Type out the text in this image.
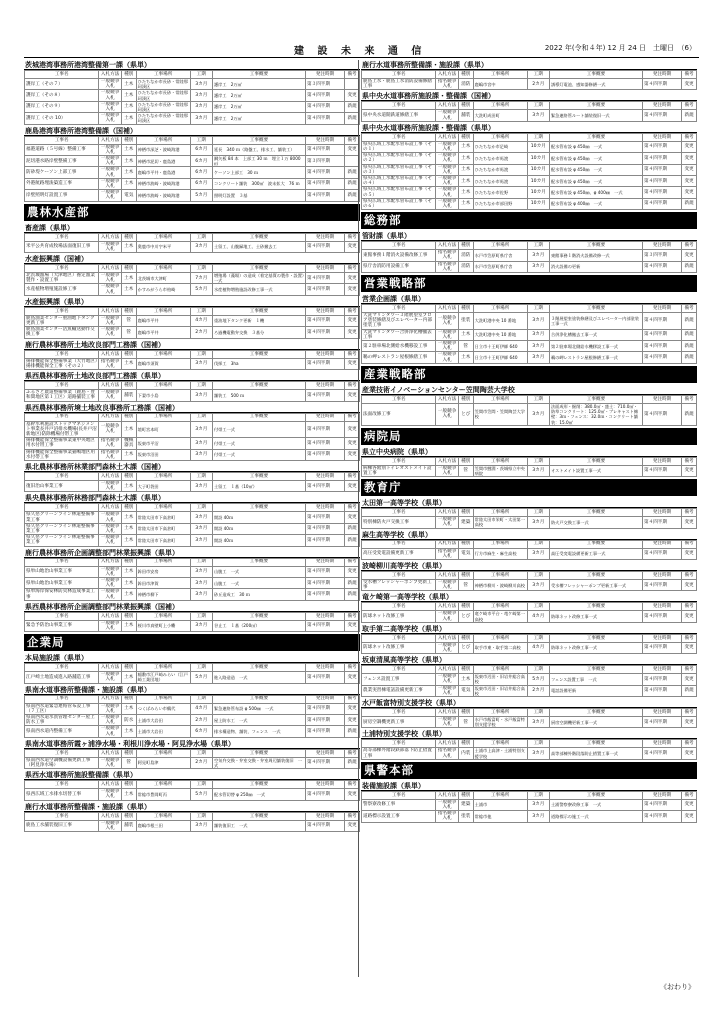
建 設 未 来 通 信	2022 年(令和４年) 12 月 24 日　土曜日　（6）
茨城港湾事務所港湾整備第一課（県単）
工事名	入札方法	種別	工事場所	工期	工事概要	発注時期	備考
護岸工（その７）	一般競争入札	土木	ひたちなか市長砂・常陸那珂湊区	3カ月	護岸工　2万㎡	第３四半期	
護岸工（その８）	一般競争入札	土木	ひたちなか市長砂・常陸那珂湊区	3カ月	護岸工　2万㎡	第４四半期	変更
護岸工（その９）	一般競争入札	土木	ひたちなか市長砂・常陸那珂湊区	3カ月	護岸工　2万㎡	第４四半期	新規
護岸工（その 10）	一般競争入札	土木	ひたちなか市長砂・常陸那珂湊区	3カ月	護岸工　2万㎡	第４四半期	新規
鹿島港湾事務所港湾整備課（国補）
工事名	入札方法	種別	工事場所	工期	工事概要	発注時期	備考
福港道路（５号線）整備工事	一般競争入札	土木	神栖市深芝・波崎海港	6カ月	延長　340 ｍ（路盤工、排水工、舗装工）	第４四半期	変更
泥切港水路岸壁整備工事	一般競争入札	土木	神栖市泥切・鹿島港	6カ月	鋼矢板 84 本　上部工 30 ｍ　埋立１万 8000㎥	第３四半期	
防砂堤ケーソン上部工事	一般競争入札	土木	鹿嶋市平井・鹿島港	6カ月	ケーソン上部工　30 ｍ	第４四半期	新規
外港航路埋浚築造工事	一般競争入札	土木	神栖市波崎・波崎海港	6カ月	コンクリート舗装　300㎡　波末拡大　76 ｍ	第４四半期	新規
岸壁照明灯設置工事	一般競争入札	電気	神栖市波崎・波崎海港	5カ月	照明灯設置　３基	第４四半期	新規
農林水産部
畜産課（県単）
工事名	入札方法	種別	工事場所	工期	工事概要	発注時期	備考
米平公共育成牧場法面復旧工事	一般競争入札	土木	奥鹿市中川字米平	3カ月	土留工、山腹緑地工、土砂撤去工	第４四半期	変更
水産振興課（国補）
工事名	入札方法	種別	工事場所	工期	工事概要	発注時期	備考
北茨城漁場（大津地区）養定漁業製作・設置工事	一般競争入札	土木	北茨城市大津町	7カ月	増殖場（藻場）の造成（着定基質の製作・設置）一式	第４四半期	変更
水産植物増殖施設修工事	一般競争入札	土木	かすみがうら市柏崎	5カ月	水産植物増殖施設改修工事一式	第４四半期	変更
水産振興課（県単）
工事名	入札方法	種別	工事場所	工期	工事概要	発注時期	備考
鹿島漁業センター重油地下タンク更新工事	一般競争入札	管	鹿嶋市平井	4カ月	重油地下タンク更新　１機	第４四半期	変更
鹿島漁業センター活魚輸送動作交換工事	一般競争入札	管	鹿嶋市平井	2カ月	ろ過機電動弁交換　３基分	第４四半期	変更
鹿行農林事務所土地改良部門工務課（国補）
工事名	入札方法	種別	工事場所	工期	工事概要	発注時期	備考
揚排機能保全整備事業（大竹地区）揚排機能保全工事（その２）	指名競争入札	土木	鹿嶋市須賀	3カ月	伐採工　3ha	第４四半期	変更
県西農林事務所土地改良部門工務課（県単）
工事名	入札方法	種別	工事場所	工期	工事概要	発注時期	備考
ふるさと農道整備事業（鹿島・豊和間地区第１工区）道路舗装工事	一般競争入札	舗装	下妻市小島	3カ月	舗装工　500 ｍ	第４四半期	変更
県西農林事務所境土地改良事務所工務課（国補）
工事名	入札方法	種別	工事場所	工期	工事概要	発注時期	備考
基幹水利施設ストックマネジメント事業長井戸沼排水機場(長井戸沼新地区)防除機場付帯工事	一般競争入札	土木	境町宮本町	3カ月	付帯工一式	第４四半期	変更
揚排機能保全整備事業東中央地区用水付帯工事	指名競争入札	機械器具	坂東市平沼	3カ月	付帯工一式	第４四半期	変更
揚排機能保全整備事業猫嶋地区用水付帯工事	指名競争入札	土木	坂東市沼田	3カ月	付帯工一式	第４四半期	変更
県北農林事務所林業部門森林土木課（国補）
工事名	入札方法	種別	工事場所	工期	工事概要	発注時期	備考
復旧治山事業工事	一般競争入札	土木	大子町袋田	3カ月	土留工　１基（10㎥）	第４四半期	変更
県央農林事務所林務部門森林土木課（県単）
工事名	入札方法	種別	工事場所	工期	工事概要	発注時期	備考
県久慈グリーンライン林道整備事業工事	一般競争入札	土木	常陸太田市下高倉町	3カ月	開設 40ｍ	第４四半期	変更
県久慈グリーンライン林道整備事業工事	一般競争入札	土木	常陸太田市下高倉町	3カ月	開設 40ｍ	第４四半期	新規
県久慈グリーンライン林道整備事業工事	一般競争入札	土木	常陸太田市下高倉町	3カ月	開設 40ｍ	第４四半期	新規
鹿行農林事務所企画調整部門林業振興課（県単）
工事名	入札方法	種別	工事場所	工期	工事概要	発注時期	備考
県単山地治山事業工事	一般競争入札	土木	鉾田市安房	3カ月	山腹工　一式	第４四半期	変更
県単山地治山事業工事	一般競争入札	土木	鉾田市津賀	3カ月	山腹工　一式	第４四半期	新規
県単海岸保安林防災林造成事業工事	一般競争入札	土木	神栖市柳下	3カ月	砂丘造成工　30 ｍ	第４四半期	新規
県西農林事務所企画調整部門林業振興課（国補）
工事名	入札方法	種別	工事場所	工期	工事概要	発注時期	備考
緊急予防治山事業工事	一般競争入札	土木	桜川市真壁町上小幡	3カ月	谷止工　１基（200㎥）	第４四半期	変更
企業局
本局施設課（県単）
工事名	入札方法	種別	工事場所	工期	工事概要	発注時期	備考
江戸崎土地造成進入路舗造工事	一般競争入札	土木	稲敷市江戸崎みらい（江戸崎工業団地）	5カ月	進入路造造　一式	第４四半期	変更
県南水道事務所整備課・施設課（県単）
工事名	入札方法	種別	工事場所	工期	工事概要	発注時期	備考
県南西水道緊急連絡管布設工事（７工区）	一般競争入札	土木	つくばみらい市鶴代	4カ月	緊急連絡管布設 φ 500㎜　一式	第４四半期	変更
県南西水道水質管理センター屋上防水工事	一般競争入札	防水	土浦市大岩田	2カ月	屋上防水工　一式	第４四半期	変更
県南西水道内整備工事	一般競争入札	土木	土浦市大岩田	6カ月	排水構造物、舗装、フェンス　一式	第４四半期	新規
県南水道事務所霞ヶ浦浄水場・利根川浄水場・阿見浄水場（県単）
工事名	入札方法	種別	工事場所	工期	工事概要	発注時期	備考
県南西水道空調機設備更新工事（阿見浄水場）	一般競争入札	管	阿見町島津	2カ月	空気弁交換・弁室交換・弁室周辺舗装復旧　一式	第４四半期	新規
県西水道事務所施設整備課（県単）
工事名	入札方法	種別	工事場所	工期	工事概要	発注時期	備考
県西広域工水排水切替工事	一般競争入札	土木	常総市豊岡町丙	5カ月	配水管切替 φ 250㎜　一式	第４四半期	変更
鹿行水道事務所整備課・施設課（県単）
工事名	入札方法	種別	工事場所	工期	工事概要	発注時期	備考
鹿島工水舗装復旧工事	一般競争入札	舗装	鹿嶋市根三田	3カ月	舗装復旧工　一式	第４四半期	変更
鹿行水道事務所整備課・施設課（県単）
工事名	入札方法	種別	工事場所	工期	工事概要	発注時期	備考
鹿島上水・鹿島工水消防設備修繕工事	指名競争入札	消防	鹿嶋市宮中	2カ月	誘導灯電池、感知器修繕一式	第４四半期	変更
県中央水道事務所施設課・整備課（国補）
工事名	入札方法	種別	工事場所	工期	工事概要	発注時期	備考
県中央水道開鉄道修繕工事	一般競争入札	舗装	大洗町成田町	3カ月	緊急連絡管ルート舗装復旧一式	第４四半期	新規
県中央水道事務所施設課・整備課（県単）
工事名	入札方法	種別	工事場所	工期	工事概要	発注時期	備考
県央広域工水配水管布設工事（その１）	一般競争入札	土木	ひたちなか市足崎	10カ月	配水管布設 φ 450㎜　一式	第４四半期	変更
県央広域工水配水管布設工事（その２）	一般競争入札	土木	ひたちなか市馬渡	10カ月	配水管布設 φ 450㎜　一式	第４四半期	変更
県央広域工水配水管布設工事（その３）	一般競争入札	土木	ひたちなか市馬渡	10カ月	配水管布設 φ 450㎜　一式	第４四半期	変更
県央広域工水配水管布設工事（その４）	一般競争入札	土木	ひたちなか市馬渡	10カ月	配水管布設 φ 450㎜　一式	第４四半期	変更
県央広域工水配水管布設工事（その５）	一般競争入札	土木	ひたちなか市佐野	10カ月	配水管布設 φ 450㎜、φ 400㎜　一式	第４四半期	変更
県央広域工水配水管布設工事（その６）	一般競争入札	土木	ひたちなか市部田野	10カ月	配水管布設 φ 400㎜　一式	第４四半期	新規
総務部
管財課（県単）
工事名	入札方法	種別	工事場所	工期	工事概要	発注時期	備考
東館事務１階消火設備改修工事	指名競争入札	消防	水戸市笠原町県庁舎	3カ月	東館事務１階消火設備改修一式	第３四半期	変更
県庁舎消防用設備工事	指名競争入札	消防	水戸市笠原町県庁舎	3カ月	消火設備の更新	第４四半期	新規
営業戦略部
営業企画課（県単）
工事名	入札方法	種別	工事場所	工期	工事概要	発注時期	備考
大洗マリンタワー３階展望室プロア塗装修繕及びエレベーター内部塗装工事	一般競争入札	塗装	大洗町港中央 10 番地	3カ月	３階展望室塗装修繕及びエレベーター内部塗装工事一式	第４四半期	新規
大洗マリンタワー合併浄化槽撤去工事	一般競争入札	土木	大洗町港中央 10 番地	3カ月	合併浄化槽撤去工事一式	第４四半期	新規
第２駐車場北側給水機移設工事	一般競争入札	管	日立市十王町伊師 640	3カ月	第２駐車場北側給水機移設工事一式	第４四半期	新規
鵜の岬レストラン屋根修繕工事	一般競争入札	土木	日立市十王町伊師 640	3カ月	鵜の岬レストラン屋根修繕工事一式	第４四半期	新規
産業戦略部
産業技術イノベーションセンター笠間陶芸大学校
工事名	入札方法	種別	工事場所	工期	工事概要	発注時期	備考
法面改修工事	一般競争入札	とび	笠間市笠間・笠間陶芸大学校	3カ月	法面成形・掘削：380.0㎥・盛土：710.0㎥・防草コンクリート：125.0㎡・プレキャスト擁壁：3ｍ・フェンス：32.0ｍ・コンクリート舗装：15.0㎡	第４四半期	新規
病院局
県立中央病院（県単）
工事名	入札方法	種別	工事場所	工期	工事概要	発注時期	備考
病棟各階別トイレオストメイト設置工事	一般競争入札	管	笠間市鯉淵・茨城県立中央病院	3カ月	オストメイト設置工事一式	第４四半期	変更
教育庁
太田第一高等学校（県単）
工事名	入札方法	種別	工事場所	工期	工事概要	発注時期	備考
特別棟防火戸交換工事	一般競争入札	建築	常陸太田市栄町・太田第一高校	3カ月	防火戸交換工事一式	第４四半期	変更
麻生高等学校（県単）
工事名	入札方法	種別	工事場所	工期	工事概要	発注時期	備考
高圧受変電設備更新工事	指名競争入札	電気	行方市麻生・麻生高校	3カ月	高圧受変電設備更新工事一式	第４四半期	変更
波崎柳川高等学校（県単）
工事名	入札方法	種別	工事場所	工期	工事概要	発注時期	備考
受水槽フレッシャーポンプ更新工事	一般競争入札	管	神栖市柳川・波崎柳川高校	3カ月	受水槽フレッシャーポンプ更新工事一式	第４四半期	変更
竜ケ崎第一高等学校（県単）
工事名	入札方法	種別	工事場所	工期	工事概要	発注時期	備考
防球ネット改修工事	一般競争入札	とび	竜ケ崎市平台・竜ケ崎第一高校	4カ月	防球ネット改修工事一式	第４四半期	変更
取手第二高等学校（県単）
工事名	入札方法	種別	工事場所	工期	工事概要	発注時期	備考
防球ネット改修工事	一般競争入札	とび	取手市東・取手第二高校	4カ月	防球ネット改修工事一式	第４四半期	変更
坂東清風高等学校（県単）
工事名	入札方法	種別	工事場所	工期	工事概要	発注時期	備考
フェンス設置工事	一般競争入札	土木	坂東市辺田・旧岩井総合高校	5カ月	フェンス設置工事　一式	第４四半期	変更
農業実習棟電話設備更新工事	一般競争入札	電気	坂東市辺田・旧岩井総合高校	2カ月	電話設備更新	第４四半期	新規
水戸飯富特別支援学校（県単）
工事名	入札方法	種別	工事場所	工期	工事概要	発注時期	備考
厨房空調機更新工事	一般競争入札	管	水戸市飯富町・水戸飯富特別支援学校	3カ月	厨房空調機更新工事一式	第４四半期	変更
土浦特別支援学校（県単）
工事名	入札方法	種別	工事場所	工期	工事概要	発注時期	備考
高等部棟外階段鉄部落下防止措置工事	指名競争入札	内装	土浦市上高津・土浦特別支援学校	3カ月	高等部棟外階段落防止措置工事一式	第４四半期	変更
県警本部
装備施設課（県単）
工事名	入札方法	種別	工事場所	工期	工事概要	発注時期	備考
警察寮改修工事	一般競争入札	建築	土浦市	3カ月	土浦警察寮改修工事　一式	第４四半期	変更
道路標示設置工事	指名競争入札	塗装	常総市他	3カ月	道路標示の施工一式	第４四半期	変更
《おわり》
